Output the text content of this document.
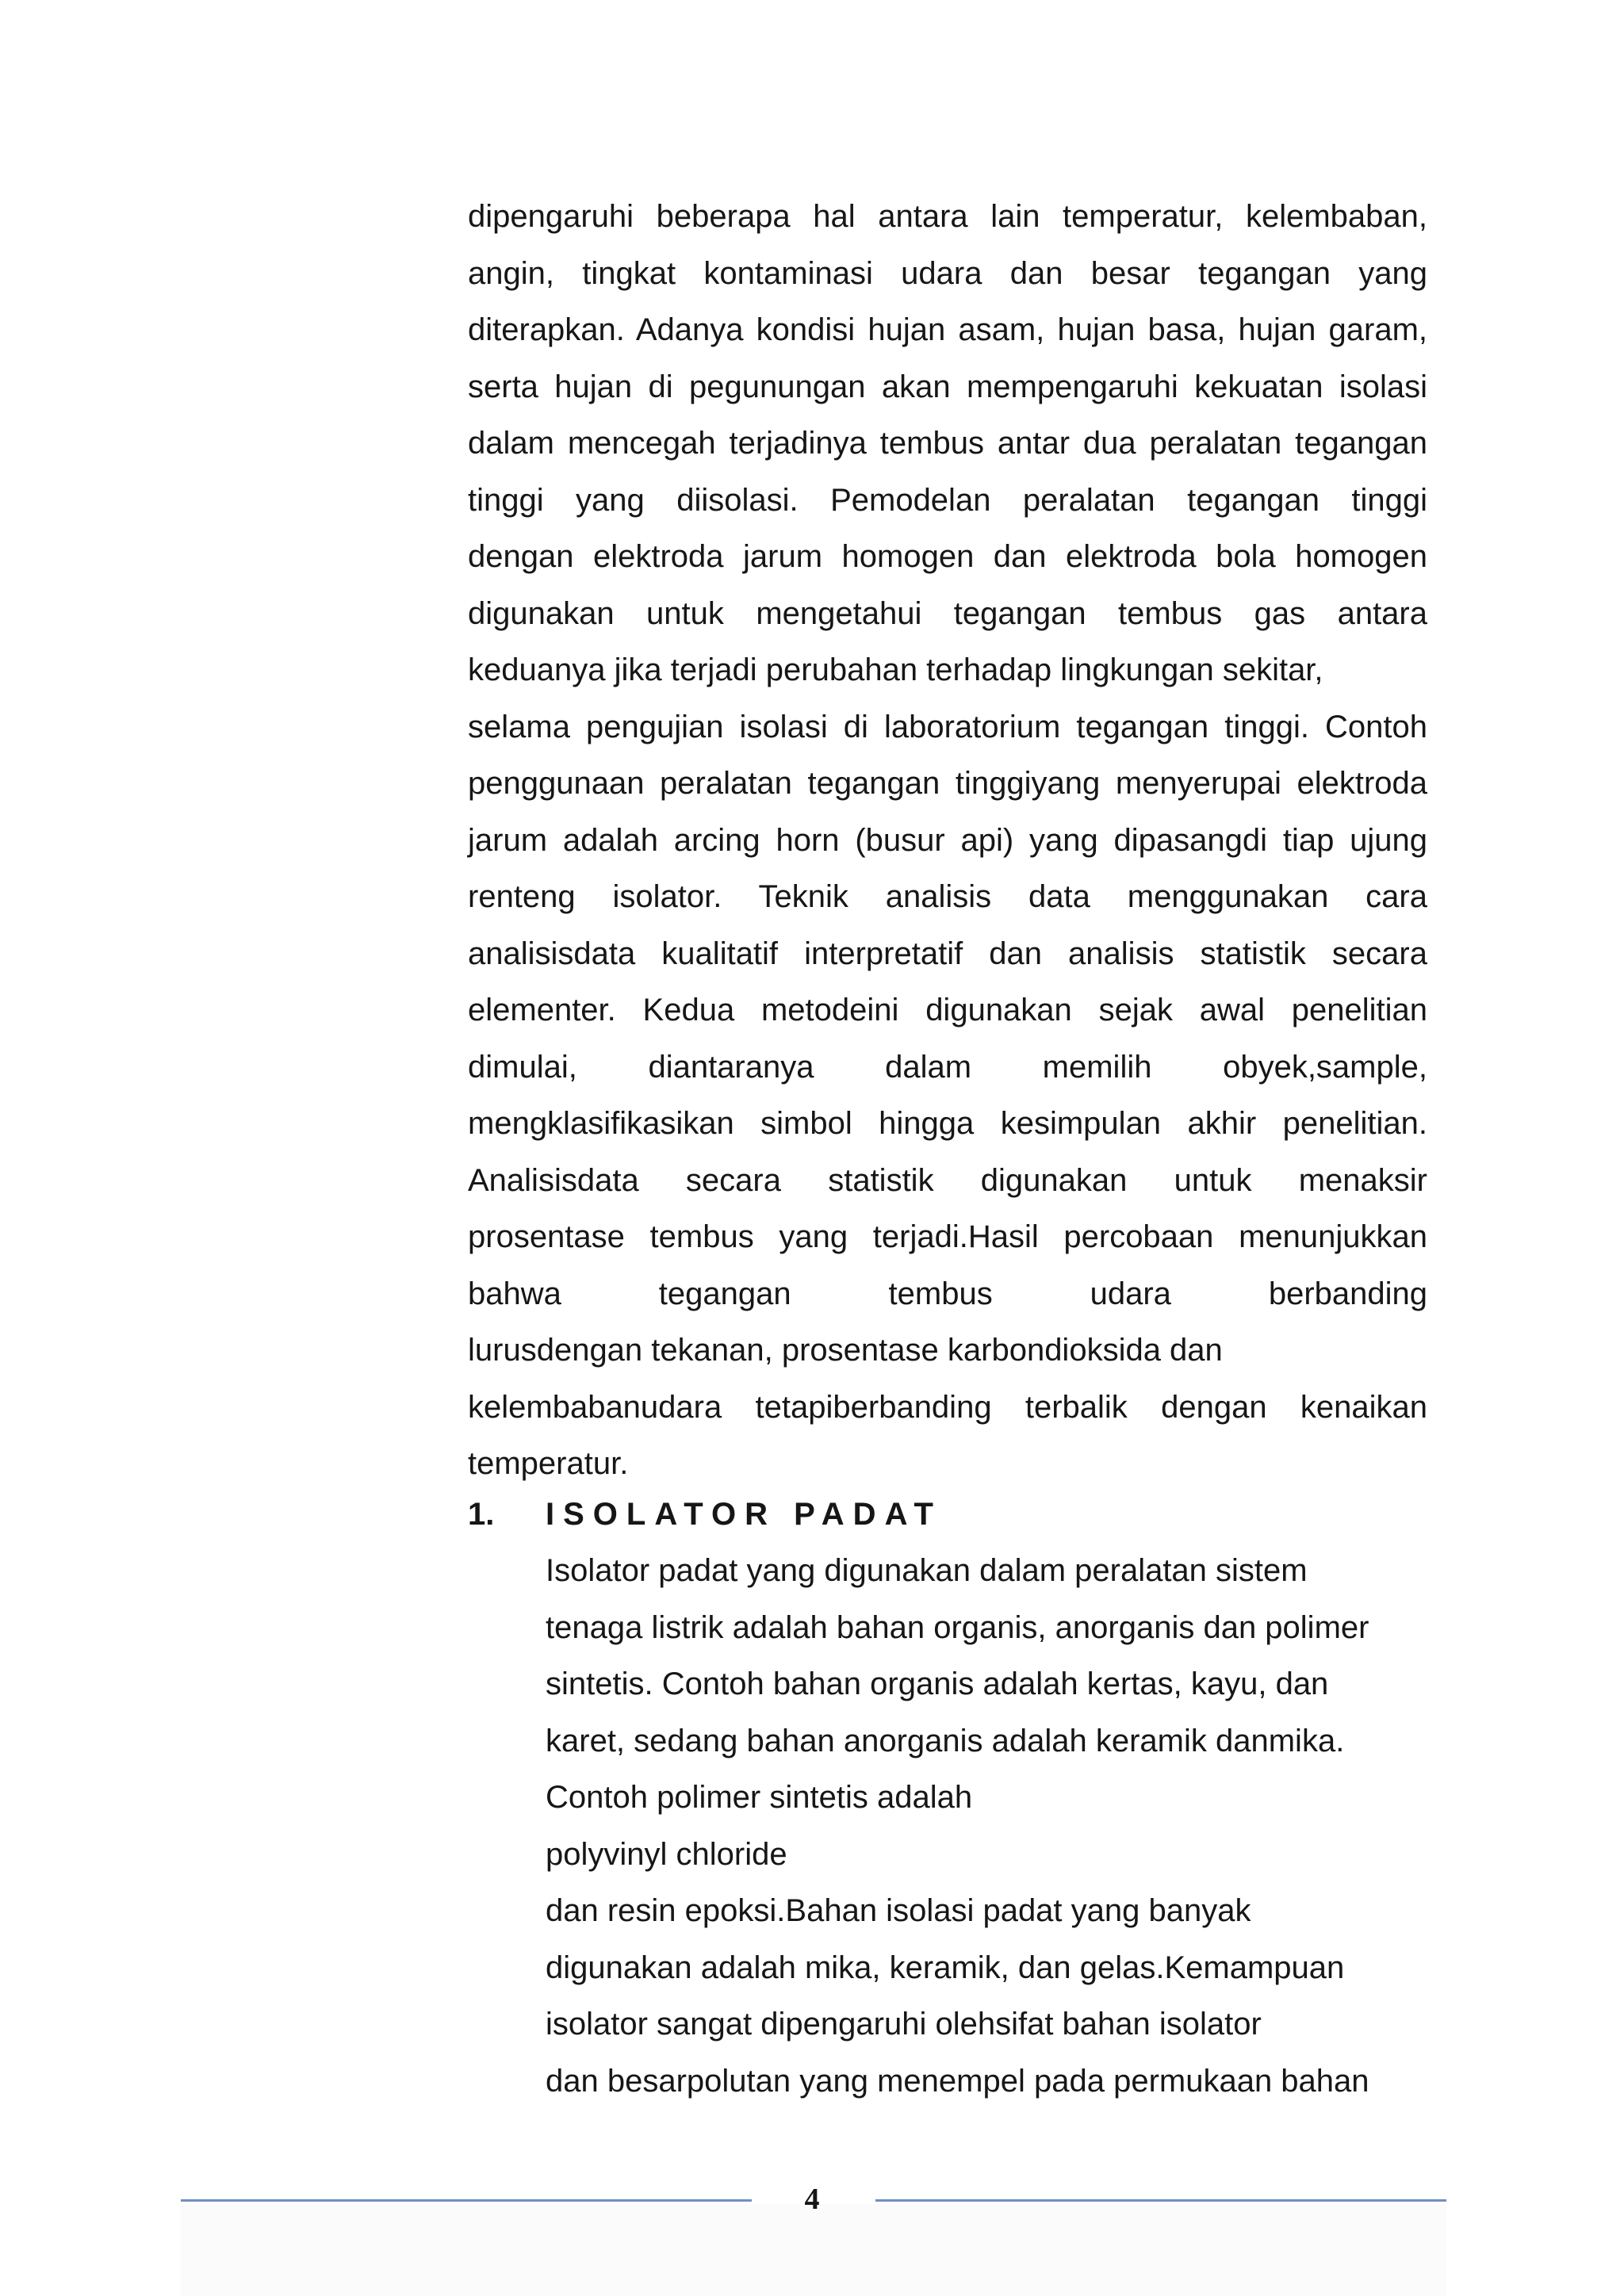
dipengaruhi beberapa hal antara lain temperatur, kelembaban,
angin, tingkat kontaminasi udara dan besar tegangan yang
diterapkan. Adanya kondisi hujan asam, hujan basa, hujan garam,
serta hujan di pegunungan akan mempengaruhi kekuatan isolasi
dalam mencegah terjadinya tembus antar dua peralatan tegangan
tinggi yang diisolasi. Pemodelan peralatan tegangan tinggi
dengan elektroda jarum homogen dan elektroda bola homogen
digunakan untuk mengetahui tegangan tembus gas antara
keduanya jika terjadi perubahan terhadap lingkungan sekitar,
selama pengujian isolasi di laboratorium tegangan tinggi. Contoh
penggunaan peralatan tegangan tinggiyang menyerupai elektroda
jarum adalah arcing horn (busur api) yang dipasangdi tiap ujung
renteng isolator. Teknik analisis data menggunakan cara
analisisdata kualitatif interpretatif dan analisis statistik secara
elementer. Kedua metodeini digunakan sejak awal penelitian
dimulai, diantaranya dalam memilih obyek,sample,
mengklasifikasikan simbol hingga kesimpulan akhir penelitian.
Analisisdata secara statistik digunakan untuk menaksir
prosentase tembus yang terjadi.Hasil percobaan menunjukkan
bahwa tegangan tembus udara berbanding
lurusdengan tekanan, prosentase karbondioksida dan
kelembabanudara tetapiberbanding terbalik dengan kenaikan
temperatur.
1. ISOLATOR PADAT
Isolator padat yang digunakan dalam peralatan sistem
tenaga listrik adalah bahan organis, anorganis dan polimer
sintetis. Contoh bahan organis adalah kertas, kayu, dan
karet, sedang bahan anorganis adalah keramik danmika.
Contoh polimer sintetis adalah
polyvinyl chloride
dan resin epoksi.Bahan isolasi padat yang banyak
digunakan adalah mika, keramik, dan gelas.Kemampuan
isolator sangat dipengaruhi olehsifat bahan isolator
dan besarpolutan yang menempel pada permukaan bahan
4
